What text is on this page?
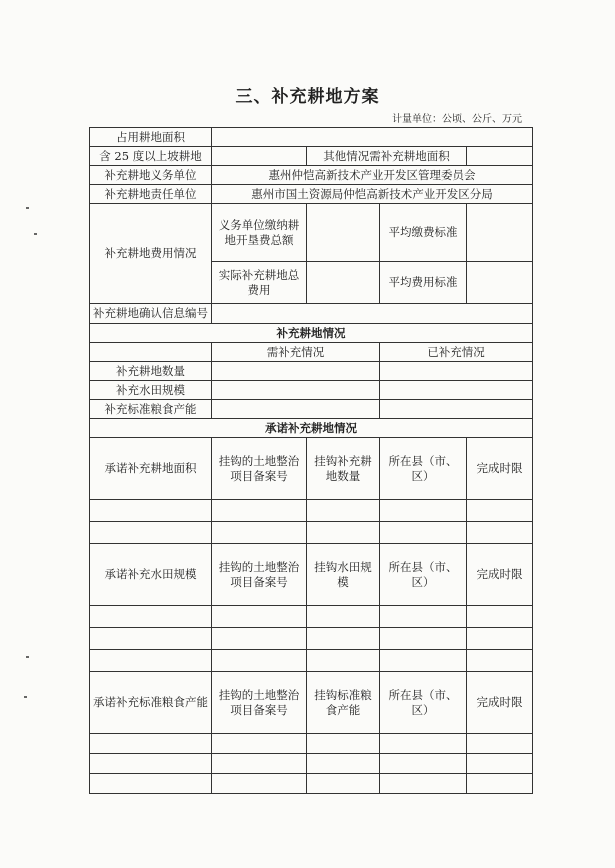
三、补充耕地方案
计量单位：公顷、公斤、万元
占用耕地面积				
含 25 度以上坡耕地		其他情况需补充耕地面积		
补充耕地义务单位	惠州仲恺高新技术产业开发区管理委员会			
补充耕地责任单位	惠州市国土资源局仲恺高新技术产业开发区分局			
补充耕地费用情况	义务单位缴纳耕地开垦费总额		平均缴费标准	
	实际补充耕地总费用		平均费用标准	
补充耕地确认信息编号				
补充耕地情况				
	需补充情况		已补充情况	
补充耕地数量				
补充水田规模				
补充标准粮食产能				
承诺补充耕地情况				
承诺补充耕地面积	挂钩的土地整治项目备案号	挂钩补充耕地数量	所在县（市、区）	完成时限

承诺补充水田规模	挂钩的土地整治项目备案号	挂钩水田规模	所在县（市、区）	完成时限

承诺补充标准粮食产能	挂钩的土地整治项目备案号	挂钩标准粮食产能	所在县（市、区）	完成时限
